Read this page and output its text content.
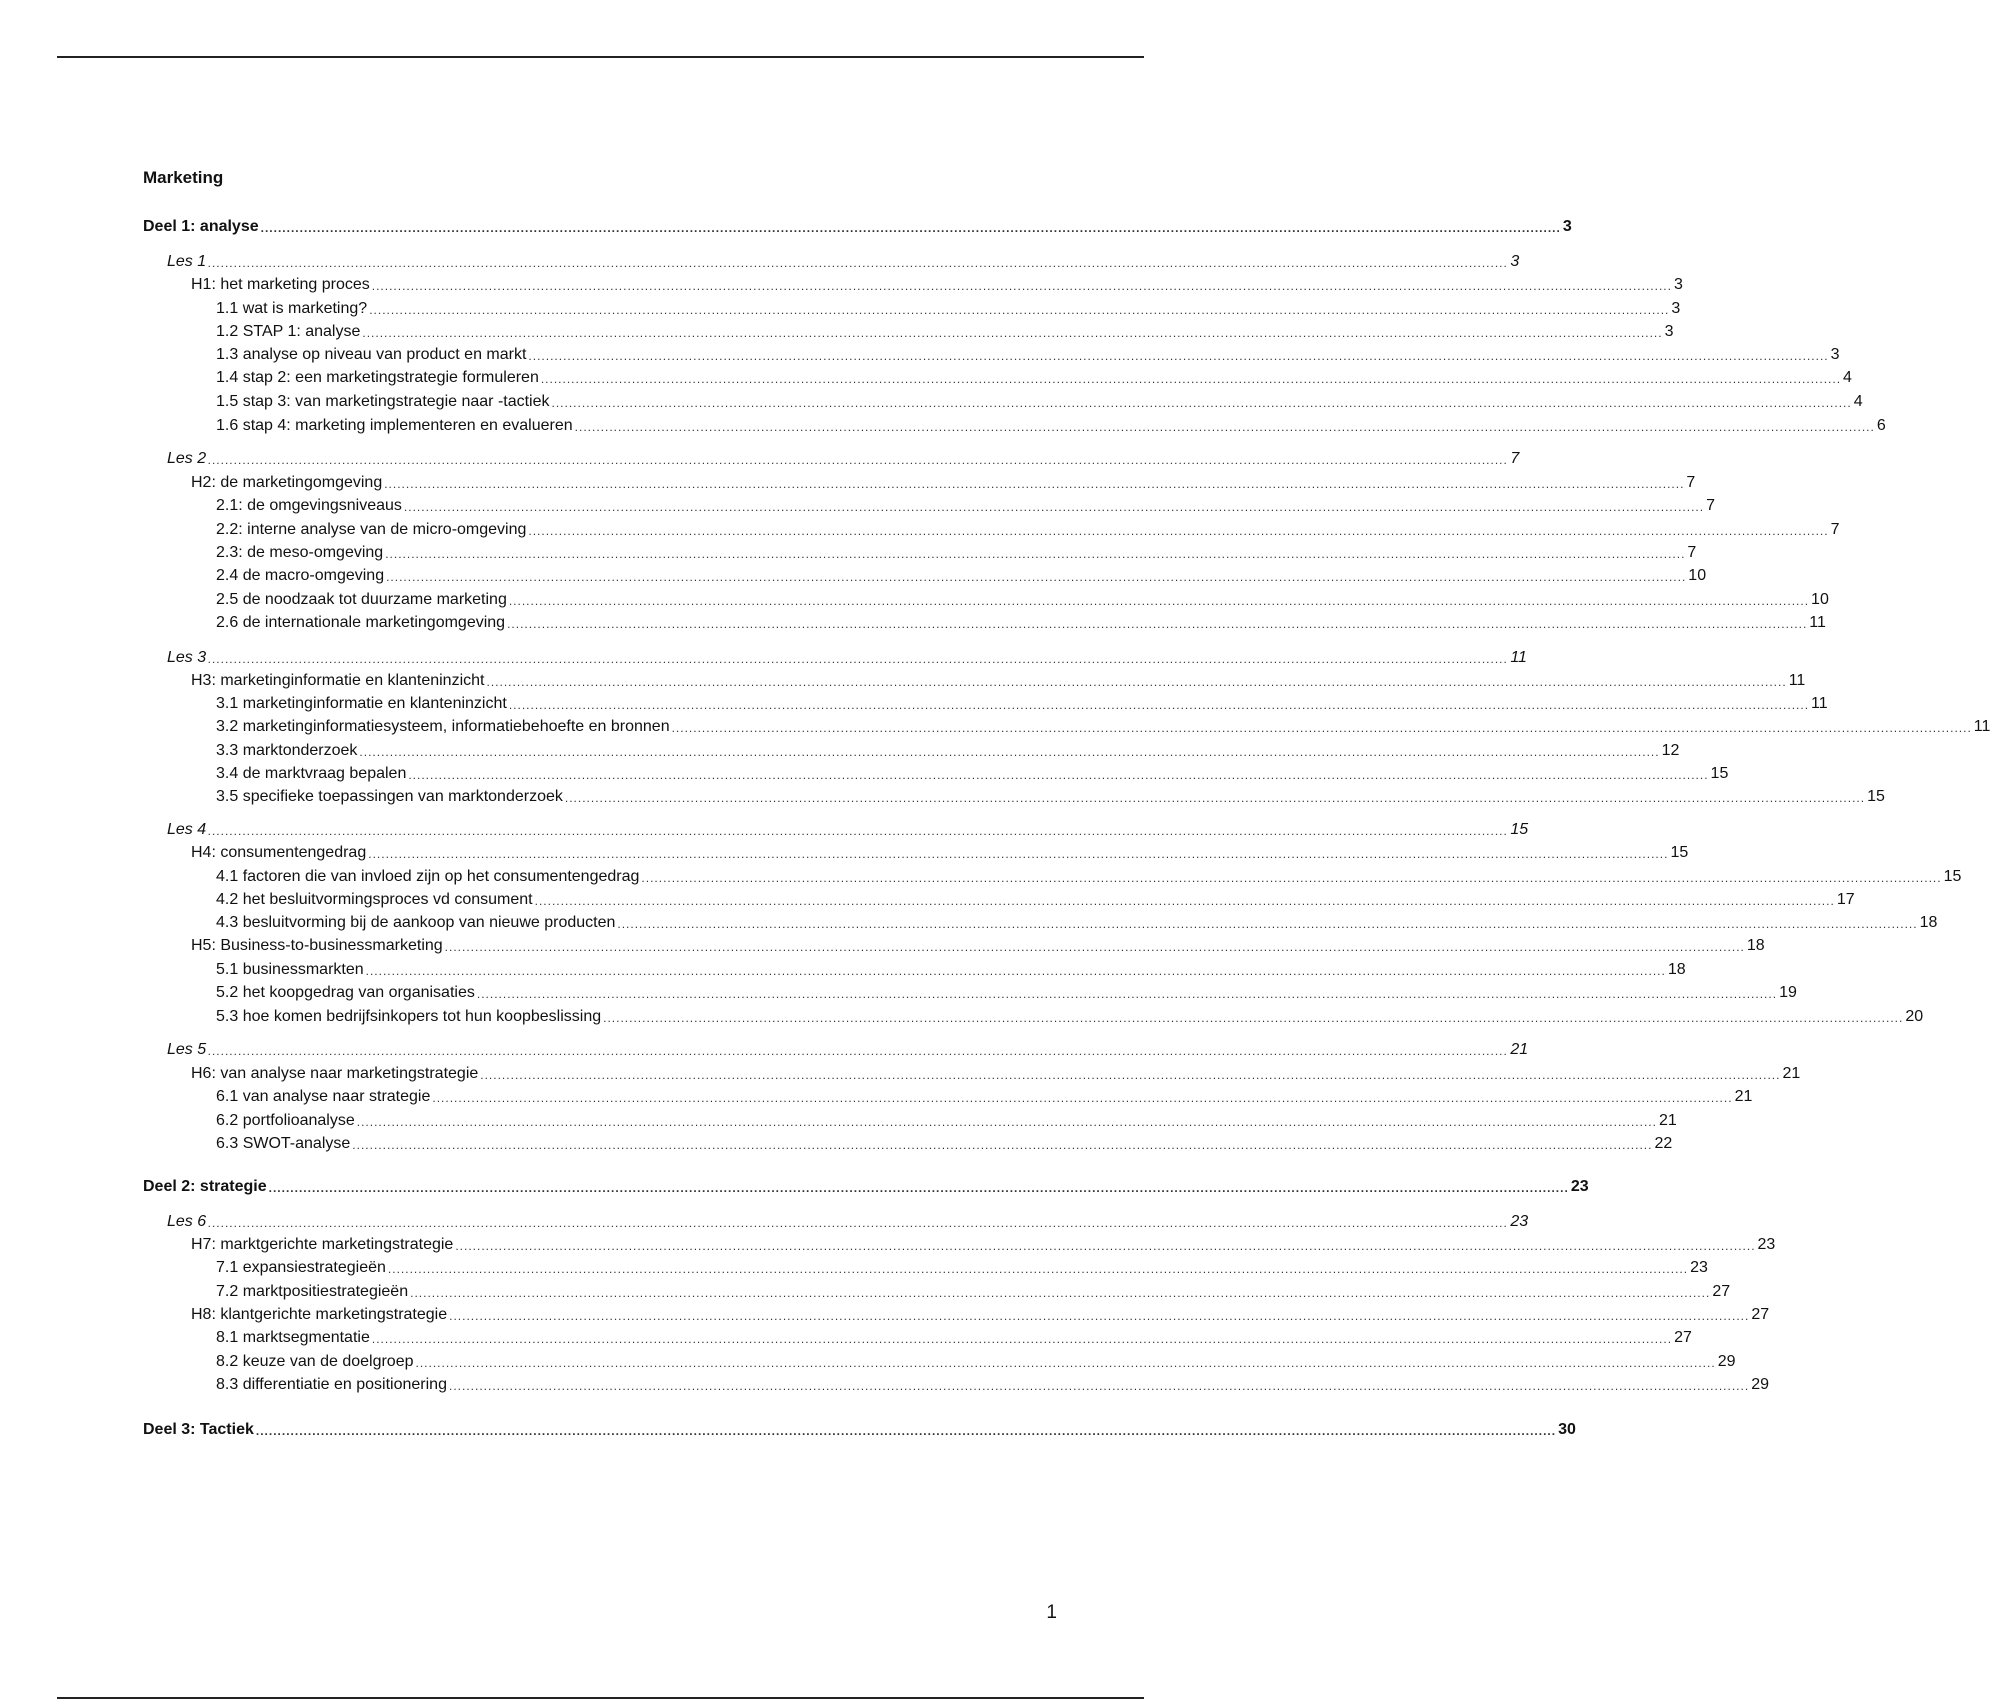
Marketing
Deel 1: analyse ............................................................................................................................................................................................................................................................................................................ 3
Les 1 ............................................................................................................................................................................................................................................................................................................ 3
H1: het marketing proces ............................................................................................................................................................................................................................................................................................................ 3
1.1 wat is marketing? ............................................................................................................................................................................................................................................................................................................ 3
1.2 STAP 1: analyse ............................................................................................................................................................................................................................................................................................................ 3
1.3 analyse op niveau van product en markt ............................................................................................................................................................................................................................................................................................................ 3
1.4 stap 2: een marketingstrategie formuleren ............................................................................................................................................................................................................................................................................................................ 4
1.5 stap 3: van marketingstrategie naar -tactiek ............................................................................................................................................................................................................................................................................................................ 4
1.6 stap 4: marketing implementeren en evalueren ............................................................................................................................................................................................................................................................................................................ 6
Les 2 ............................................................................................................................................................................................................................................................................................................ 7
H2: de marketingomgeving ............................................................................................................................................................................................................................................................................................................ 7
2.1: de omgevingsniveaus ............................................................................................................................................................................................................................................................................................................ 7
2.2: interne analyse van de micro-omgeving ............................................................................................................................................................................................................................................................................................................ 7
2.3: de meso-omgeving ............................................................................................................................................................................................................................................................................................................ 7
2.4 de macro-omgeving ............................................................................................................................................................................................................................................................................................................ 10
2.5 de noodzaak tot duurzame marketing ............................................................................................................................................................................................................................................................................................................ 10
2.6 de internationale marketingomgeving ............................................................................................................................................................................................................................................................................................................ 11
Les 3 ............................................................................................................................................................................................................................................................................................................ 11
H3: marketinginformatie en klanteninzicht ............................................................................................................................................................................................................................................................................................................ 11
3.1 marketinginformatie en klanteninzicht ............................................................................................................................................................................................................................................................................................................ 11
3.2 marketinginformatiesysteem, informatiebehoefte en bronnen ............................................................................................................................................................................................................................................................................................................ 11
3.3 marktonderzoek ............................................................................................................................................................................................................................................................................................................ 12
3.4 de marktvraag bepalen ............................................................................................................................................................................................................................................................................................................ 15
3.5 specifieke toepassingen van marktonderzoek ............................................................................................................................................................................................................................................................................................................ 15
Les 4 ............................................................................................................................................................................................................................................................................................................ 15
H4: consumentengedrag ............................................................................................................................................................................................................................................................................................................ 15
4.1 factoren die van invloed zijn op het consumentengedrag ............................................................................................................................................................................................................................................................................................................ 15
4.2 het besluitvormingsproces vd consument ............................................................................................................................................................................................................................................................................................................ 17
4.3 besluitvorming bij de aankoop van nieuwe producten ............................................................................................................................................................................................................................................................................................................ 18
H5: Business-to-businessmarketing ............................................................................................................................................................................................................................................................................................................ 18
5.1 businessmarkten ............................................................................................................................................................................................................................................................................................................ 18
5.2 het koopgedrag van organisaties ............................................................................................................................................................................................................................................................................................................ 19
5.3 hoe komen bedrijfsinkopers tot hun koopbeslissing ............................................................................................................................................................................................................................................................................................................ 20
Les 5 ............................................................................................................................................................................................................................................................................................................ 21
H6: van analyse naar marketingstrategie ............................................................................................................................................................................................................................................................................................................ 21
6.1 van analyse naar strategie ............................................................................................................................................................................................................................................................................................................ 21
6.2 portfolioanalyse ............................................................................................................................................................................................................................................................................................................ 21
6.3 SWOT-analyse ............................................................................................................................................................................................................................................................................................................ 22
Deel 2: strategie ............................................................................................................................................................................................................................................................................................................ 23
Les 6 ............................................................................................................................................................................................................................................................................................................ 23
H7: marktgerichte marketingstrategie ............................................................................................................................................................................................................................................................................................................ 23
7.1 expansiestrategieën ............................................................................................................................................................................................................................................................................................................ 23
7.2 marktpositiestrategieën ............................................................................................................................................................................................................................................................................................................ 27
H8: klantgerichte marketingstrategie ............................................................................................................................................................................................................................................................................................................ 27
8.1 marktsegmentatie ............................................................................................................................................................................................................................................................................................................ 27
8.2 keuze van de doelgroep ............................................................................................................................................................................................................................................................................................................ 29
8.3 differentiatie en positionering ............................................................................................................................................................................................................................................................................................................ 29
Deel 3: Tactiek ............................................................................................................................................................................................................................................................................................................ 30
1
